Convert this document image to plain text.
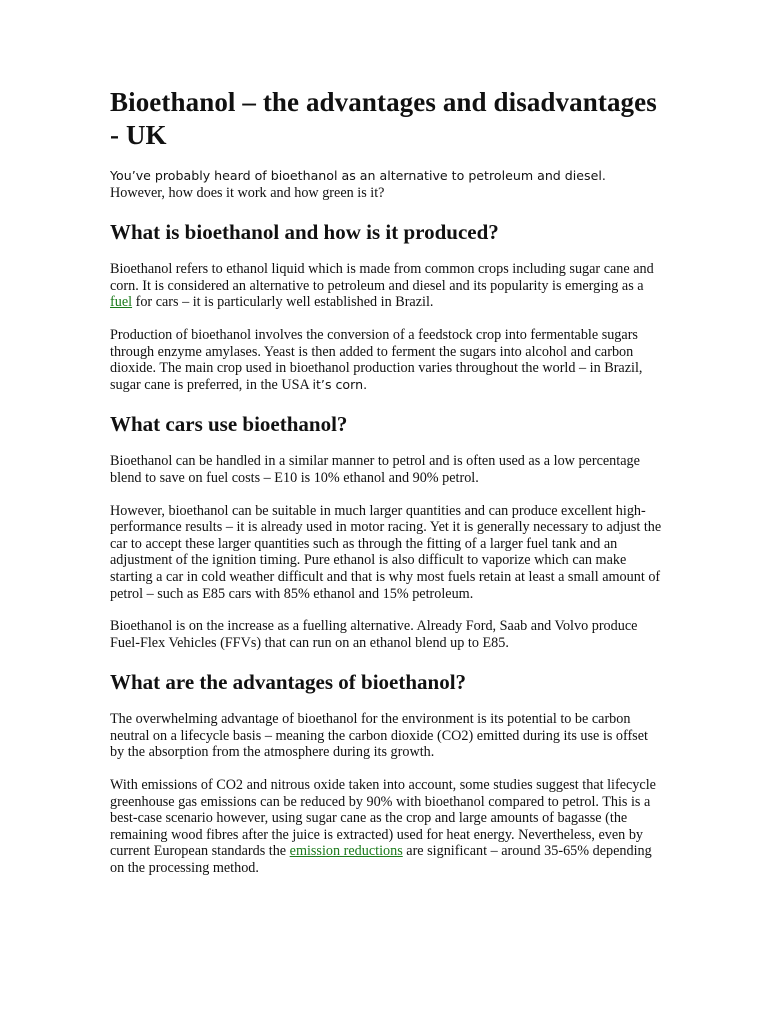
Bioethanol – the advantages and disadvantages - UK

You’ve probably heard of bioethanol as an alternative to petroleum and diesel.
However, how does it work and how green is it?

What is bioethanol and how is it produced?

Bioethanol refers to ethanol liquid which is made from common crops including sugar cane and corn. It is considered an alternative to petroleum and diesel and its popularity is emerging as a fuel for cars – it is particularly well established in Brazil.

Production of bioethanol involves the conversion of a feedstock crop into fermentable sugars through enzyme amylases. Yeast is then added to ferment the sugars into alcohol and carbon dioxide. The main crop used in bioethanol production varies throughout the world – in Brazil, sugar cane is preferred, in the USA it’s corn.

What cars use bioethanol?

Bioethanol can be handled in a similar manner to petrol and is often used as a low percentage blend to save on fuel costs – E10 is 10% ethanol and 90% petrol.

However, bioethanol can be suitable in much larger quantities and can produce excellent high-performance results – it is already used in motor racing. Yet it is generally necessary to adjust the car to accept these larger quantities such as through the fitting of a larger fuel tank and an adjustment of the ignition timing. Pure ethanol is also difficult to vaporize which can make starting a car in cold weather difficult and that is why most fuels retain at least a small amount of petrol – such as E85 cars with 85% ethanol and 15% petroleum.

Bioethanol is on the increase as a fuelling alternative. Already Ford, Saab and Volvo produce Fuel-Flex Vehicles (FFVs) that can run on an ethanol blend up to E85.

What are the advantages of bioethanol?

The overwhelming advantage of bioethanol for the environment is its potential to be carbon neutral on a lifecycle basis – meaning the carbon dioxide (CO2) emitted during its use is offset by the absorption from the atmosphere during its growth.

With emissions of CO2 and nitrous oxide taken into account, some studies suggest that lifecycle greenhouse gas emissions can be reduced by 90% with bioethanol compared to petrol. This is a best-case scenario however, using sugar cane as the crop and large amounts of bagasse (the remaining wood fibres after the juice is extracted) used for heat energy. Nevertheless, even by current European standards the emission reductions are significant – around 35-65% depending on the processing method.
